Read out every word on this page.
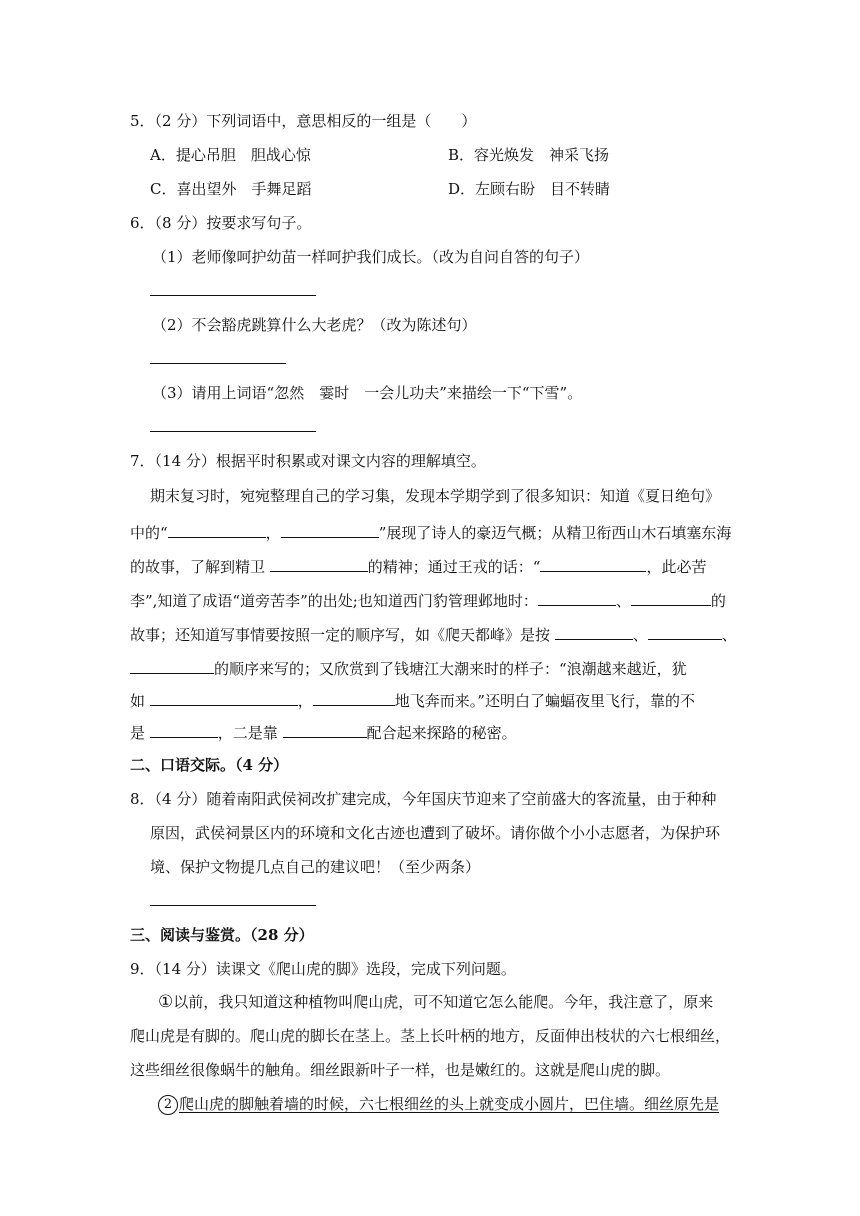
5．（2 分）下列词语中，意思相反的一组是（　　）
A．提心吊胆　胆战心惊	B．容光焕发　神采飞扬
C．喜出望外　手舞足蹈	D．左顾右盼　目不转睛
6．（8 分）按要求写句子。
（1）老师像呵护幼苗一样呵护我们成长。（改为自问自答的句子）
（2）不会豁虎跳算什么大老虎？（改为陈述句）
（3）请用上词语“忽然　霎时　一会儿功夫”来描绘一下“下雪”。
7．（14 分）根据平时积累或对课文内容的理解填空。
期末复习时，宛宛整理自己的学习集，发现本学期学到了很多知识：知道《夏日绝句》
中的“	，	”展现了诗人的豪迈气概；从精卫衔西山木石填塞东海
的故事，了解到精卫	的精神；通过王戎的话：“	，此必苦
李”,知道了成语“道旁苦李”的出处;也知道西门豹管理邺地时：	、	的
故事；还知道写事情要按照一定的顺序写，如《爬天都峰》是按	、	、
的顺序来写的；又欣赏到了钱塘江大潮来时的样子：“浪潮越来越近，犹
如	，	地飞奔而来。”还明白了蝙蝠夜里飞行，靠的不
是	，二是靠	配合起来探路的秘密。
二、口语交际。（4 分）
8．（4 分）随着南阳武侯祠改扩建完成，今年国庆节迎来了空前盛大的客流量，由于种种
原因，武侯祠景区内的环境和文化古迹也遭到了破坏。请你做个小小志愿者，为保护环
境、保护文物提几点自己的建议吧！（至少两条）
三、阅读与鉴赏。（28 分）
9．（14 分）读课文《爬山虎的脚》选段，完成下列问题。
①以前，我只知道这种植物叫爬山虎，可不知道它怎么能爬。今年，我注意了，原来
爬山虎是有脚的。爬山虎的脚长在茎上。茎上长叶柄的地方，反面伸出枝状的六七根细丝，
这些细丝很像蜗牛的触角。细丝跟新叶子一样，也是嫩红的。这就是爬山虎的脚。
2 爬山虎的脚触着墙的时候，六七根细丝的头上就变成小圆片，巴住墙。细丝原先是
